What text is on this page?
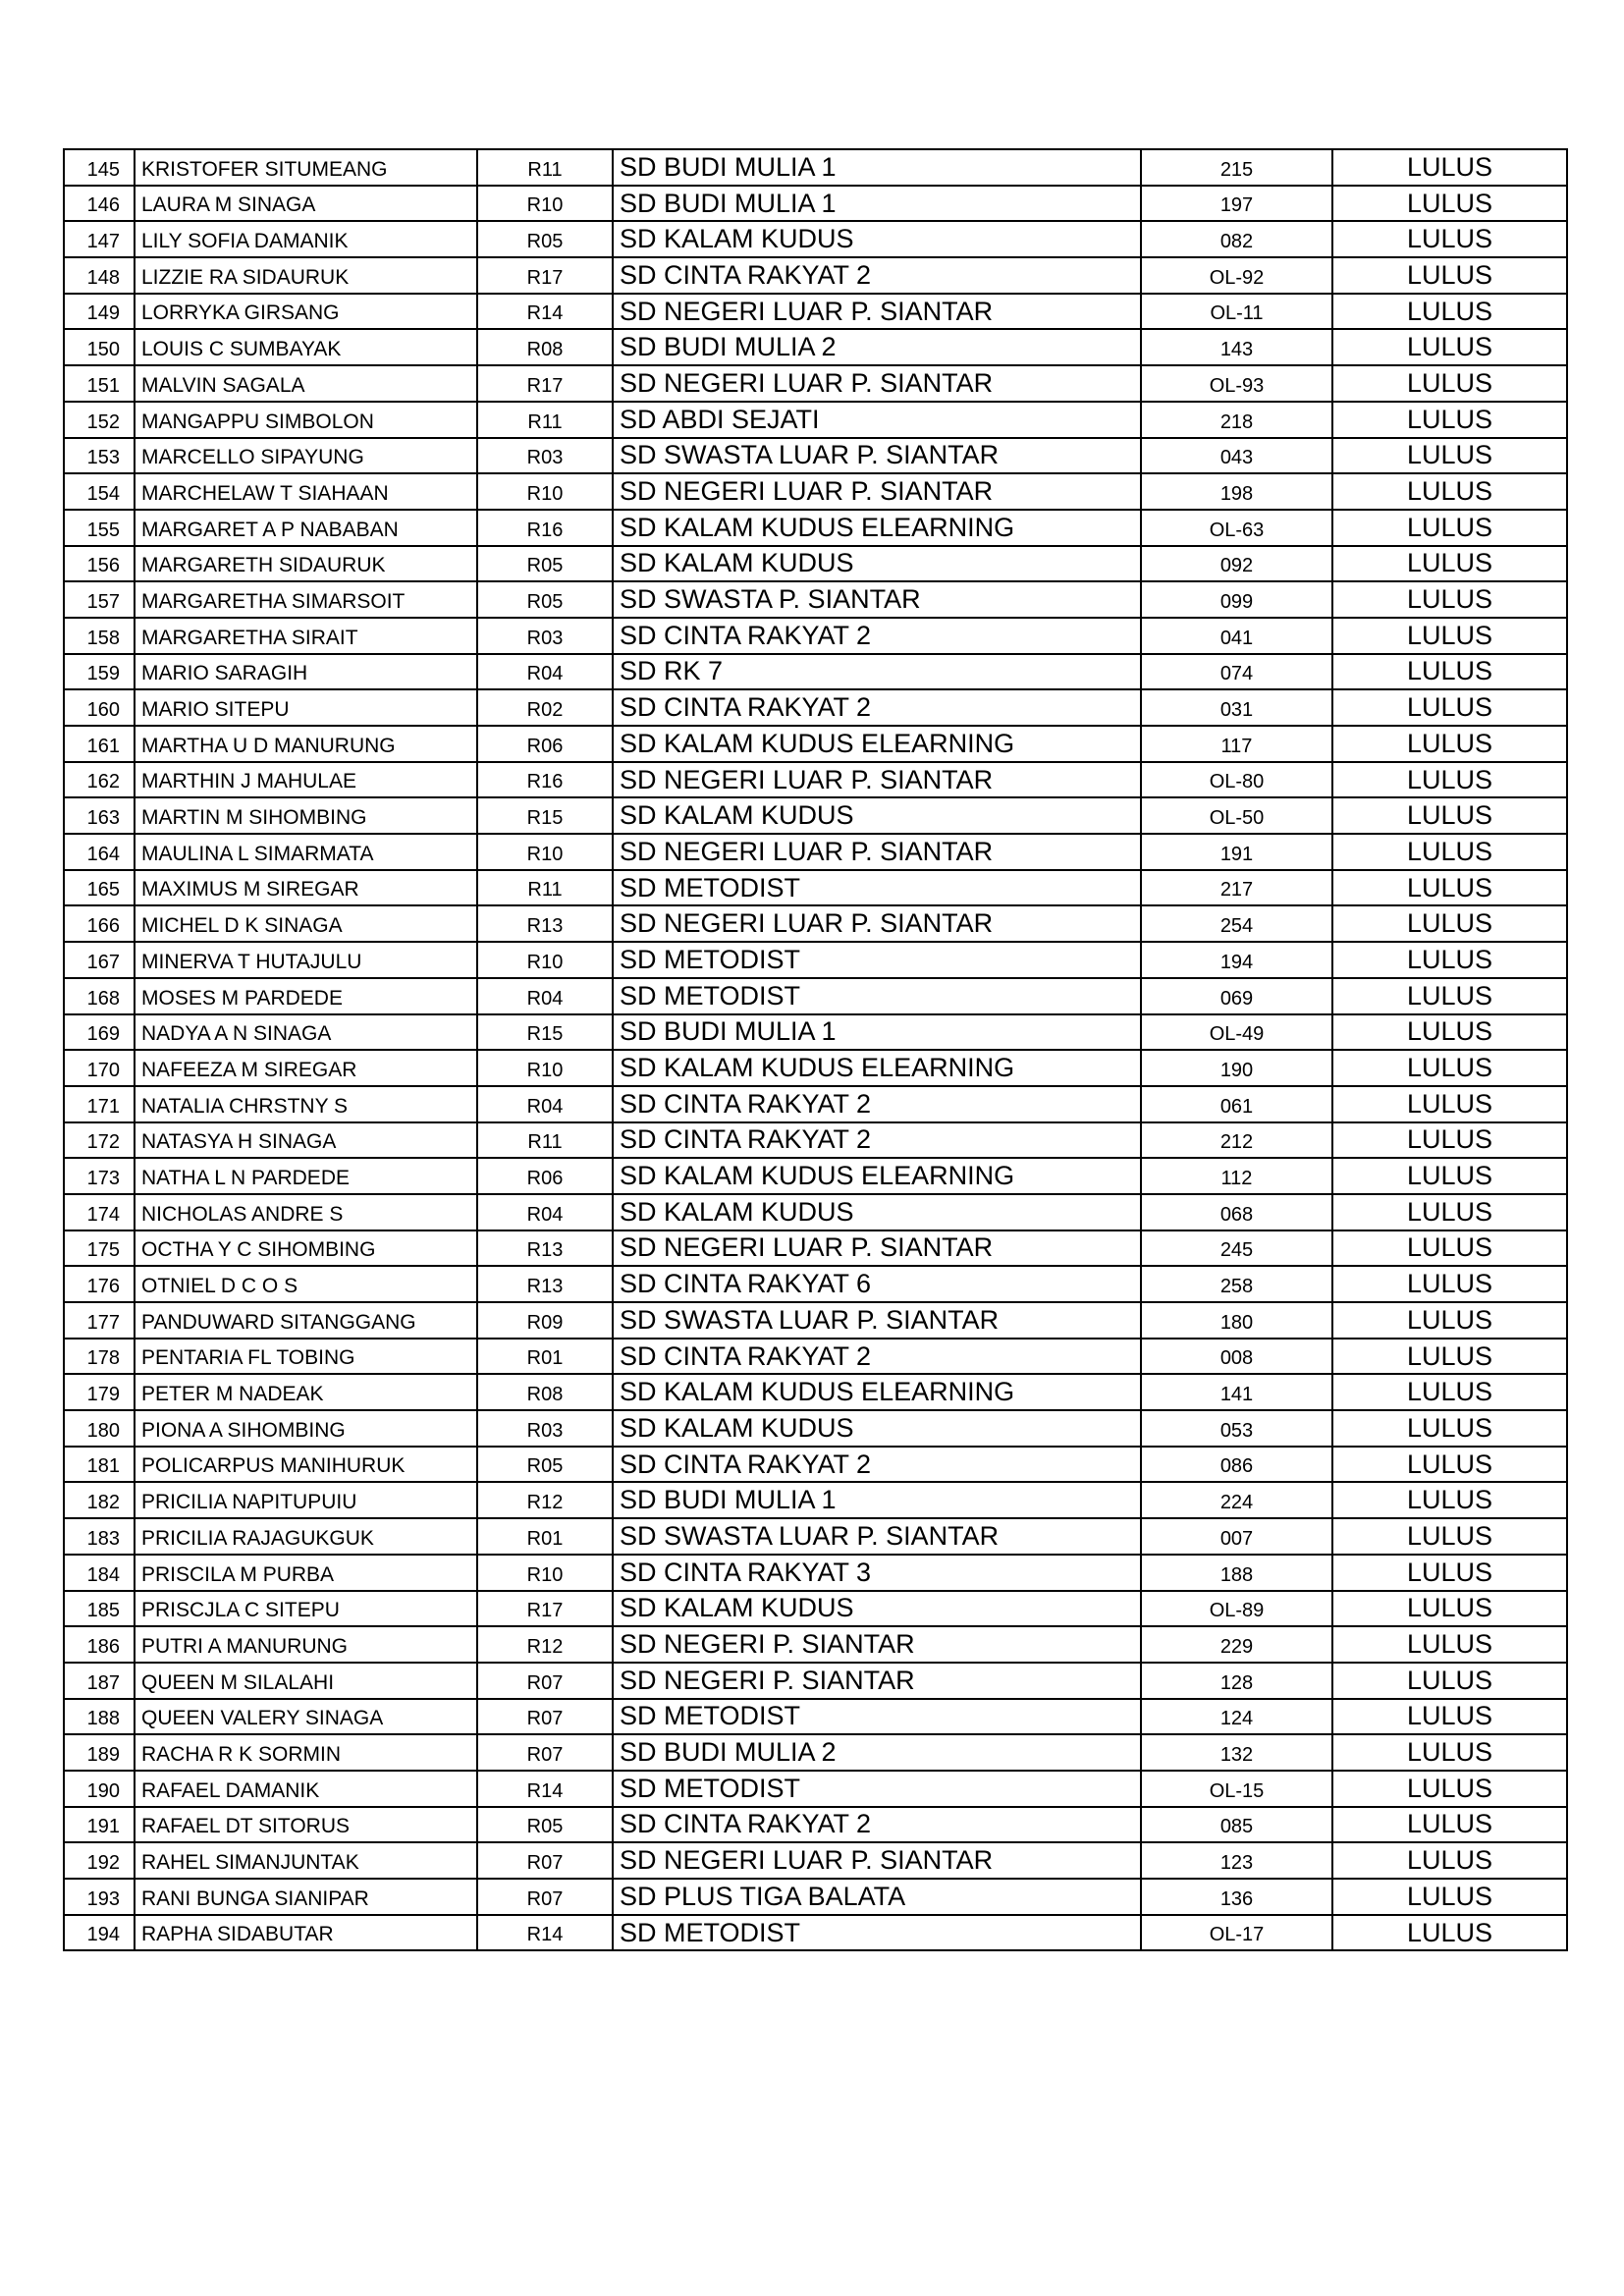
145	KRISTOFER SITUMEANG	R11	SD BUDI MULIA 1	215	LULUS
146	LAURA M SINAGA	R10	SD BUDI MULIA 1	197	LULUS
147	LILY SOFIA DAMANIK	R05	SD KALAM KUDUS	082	LULUS
148	LIZZIE RA SIDAURUK	R17	SD CINTA RAKYAT 2	OL-92	LULUS
149	LORRYKA GIRSANG	R14	SD NEGERI LUAR P. SIANTAR	OL-11	LULUS
150	LOUIS C SUMBAYAK	R08	SD BUDI MULIA 2	143	LULUS
151	MALVIN SAGALA	R17	SD NEGERI LUAR P. SIANTAR	OL-93	LULUS
152	MANGAPPU SIMBOLON	R11	SD ABDI SEJATI	218	LULUS
153	MARCELLO SIPAYUNG	R03	SD SWASTA LUAR P. SIANTAR	043	LULUS
154	MARCHELAW T SIAHAAN	R10	SD NEGERI LUAR P. SIANTAR	198	LULUS
155	MARGARET A P NABABAN	R16	SD KALAM KUDUS ELEARNING	OL-63	LULUS
156	MARGARETH SIDAURUK	R05	SD KALAM KUDUS	092	LULUS
157	MARGARETHA SIMARSOIT	R05	SD SWASTA P. SIANTAR	099	LULUS
158	MARGARETHA SIRAIT	R03	SD CINTA RAKYAT 2	041	LULUS
159	MARIO SARAGIH	R04	SD RK 7	074	LULUS
160	MARIO SITEPU	R02	SD CINTA RAKYAT 2	031	LULUS
161	MARTHA U D MANURUNG	R06	SD KALAM KUDUS ELEARNING	117	LULUS
162	MARTHIN J MAHULAE	R16	SD NEGERI LUAR P. SIANTAR	OL-80	LULUS
163	MARTIN M SIHOMBING	R15	SD KALAM KUDUS	OL-50	LULUS
164	MAULINA L SIMARMATA	R10	SD NEGERI LUAR P. SIANTAR	191	LULUS
165	MAXIMUS M SIREGAR	R11	SD METODIST	217	LULUS
166	MICHEL D K SINAGA	R13	SD NEGERI LUAR P. SIANTAR	254	LULUS
167	MINERVA T HUTAJULU	R10	SD METODIST	194	LULUS
168	MOSES M PARDEDE	R04	SD METODIST	069	LULUS
169	NADYA A N SINAGA	R15	SD BUDI MULIA 1	OL-49	LULUS
170	NAFEEZA M SIREGAR	R10	SD KALAM KUDUS ELEARNING	190	LULUS
171	NATALIA CHRSTNY S	R04	SD CINTA RAKYAT 2	061	LULUS
172	NATASYA H SINAGA	R11	SD CINTA RAKYAT 2	212	LULUS
173	NATHA L N PARDEDE	R06	SD KALAM KUDUS ELEARNING	112	LULUS
174	NICHOLAS ANDRE S	R04	SD KALAM KUDUS	068	LULUS
175	OCTHA Y C SIHOMBING	R13	SD NEGERI LUAR P. SIANTAR	245	LULUS
176	OTNIEL D C O S	R13	SD CINTA RAKYAT 6	258	LULUS
177	PANDUWARD SITANGGANG	R09	SD SWASTA LUAR P. SIANTAR	180	LULUS
178	PENTARIA FL TOBING	R01	SD CINTA RAKYAT 2	008	LULUS
179	PETER M NADEAK	R08	SD KALAM KUDUS ELEARNING	141	LULUS
180	PIONA A SIHOMBING	R03	SD KALAM KUDUS	053	LULUS
181	POLICARPUS MANIHURUK	R05	SD CINTA RAKYAT 2	086	LULUS
182	PRICILIA NAPITUPUIU	R12	SD BUDI MULIA 1	224	LULUS
183	PRICILIA RAJAGUKGUK	R01	SD SWASTA LUAR P. SIANTAR	007	LULUS
184	PRISCILA M PURBA	R10	SD CINTA RAKYAT 3	188	LULUS
185	PRISCJLA C SITEPU	R17	SD KALAM KUDUS	OL-89	LULUS
186	PUTRI A MANURUNG	R12	SD NEGERI P. SIANTAR	229	LULUS
187	QUEEN M SILALAHI	R07	SD NEGERI P. SIANTAR	128	LULUS
188	QUEEN VALERY SINAGA	R07	SD METODIST	124	LULUS
189	RACHA R K SORMIN	R07	SD BUDI MULIA 2	132	LULUS
190	RAFAEL DAMANIK	R14	SD METODIST	OL-15	LULUS
191	RAFAEL DT SITORUS	R05	SD CINTA RAKYAT 2	085	LULUS
192	RAHEL SIMANJUNTAK	R07	SD NEGERI LUAR P. SIANTAR	123	LULUS
193	RANI BUNGA SIANIPAR	R07	SD PLUS TIGA BALATA	136	LULUS
194	RAPHA SIDABUTAR	R14	SD METODIST	OL-17	LULUS
